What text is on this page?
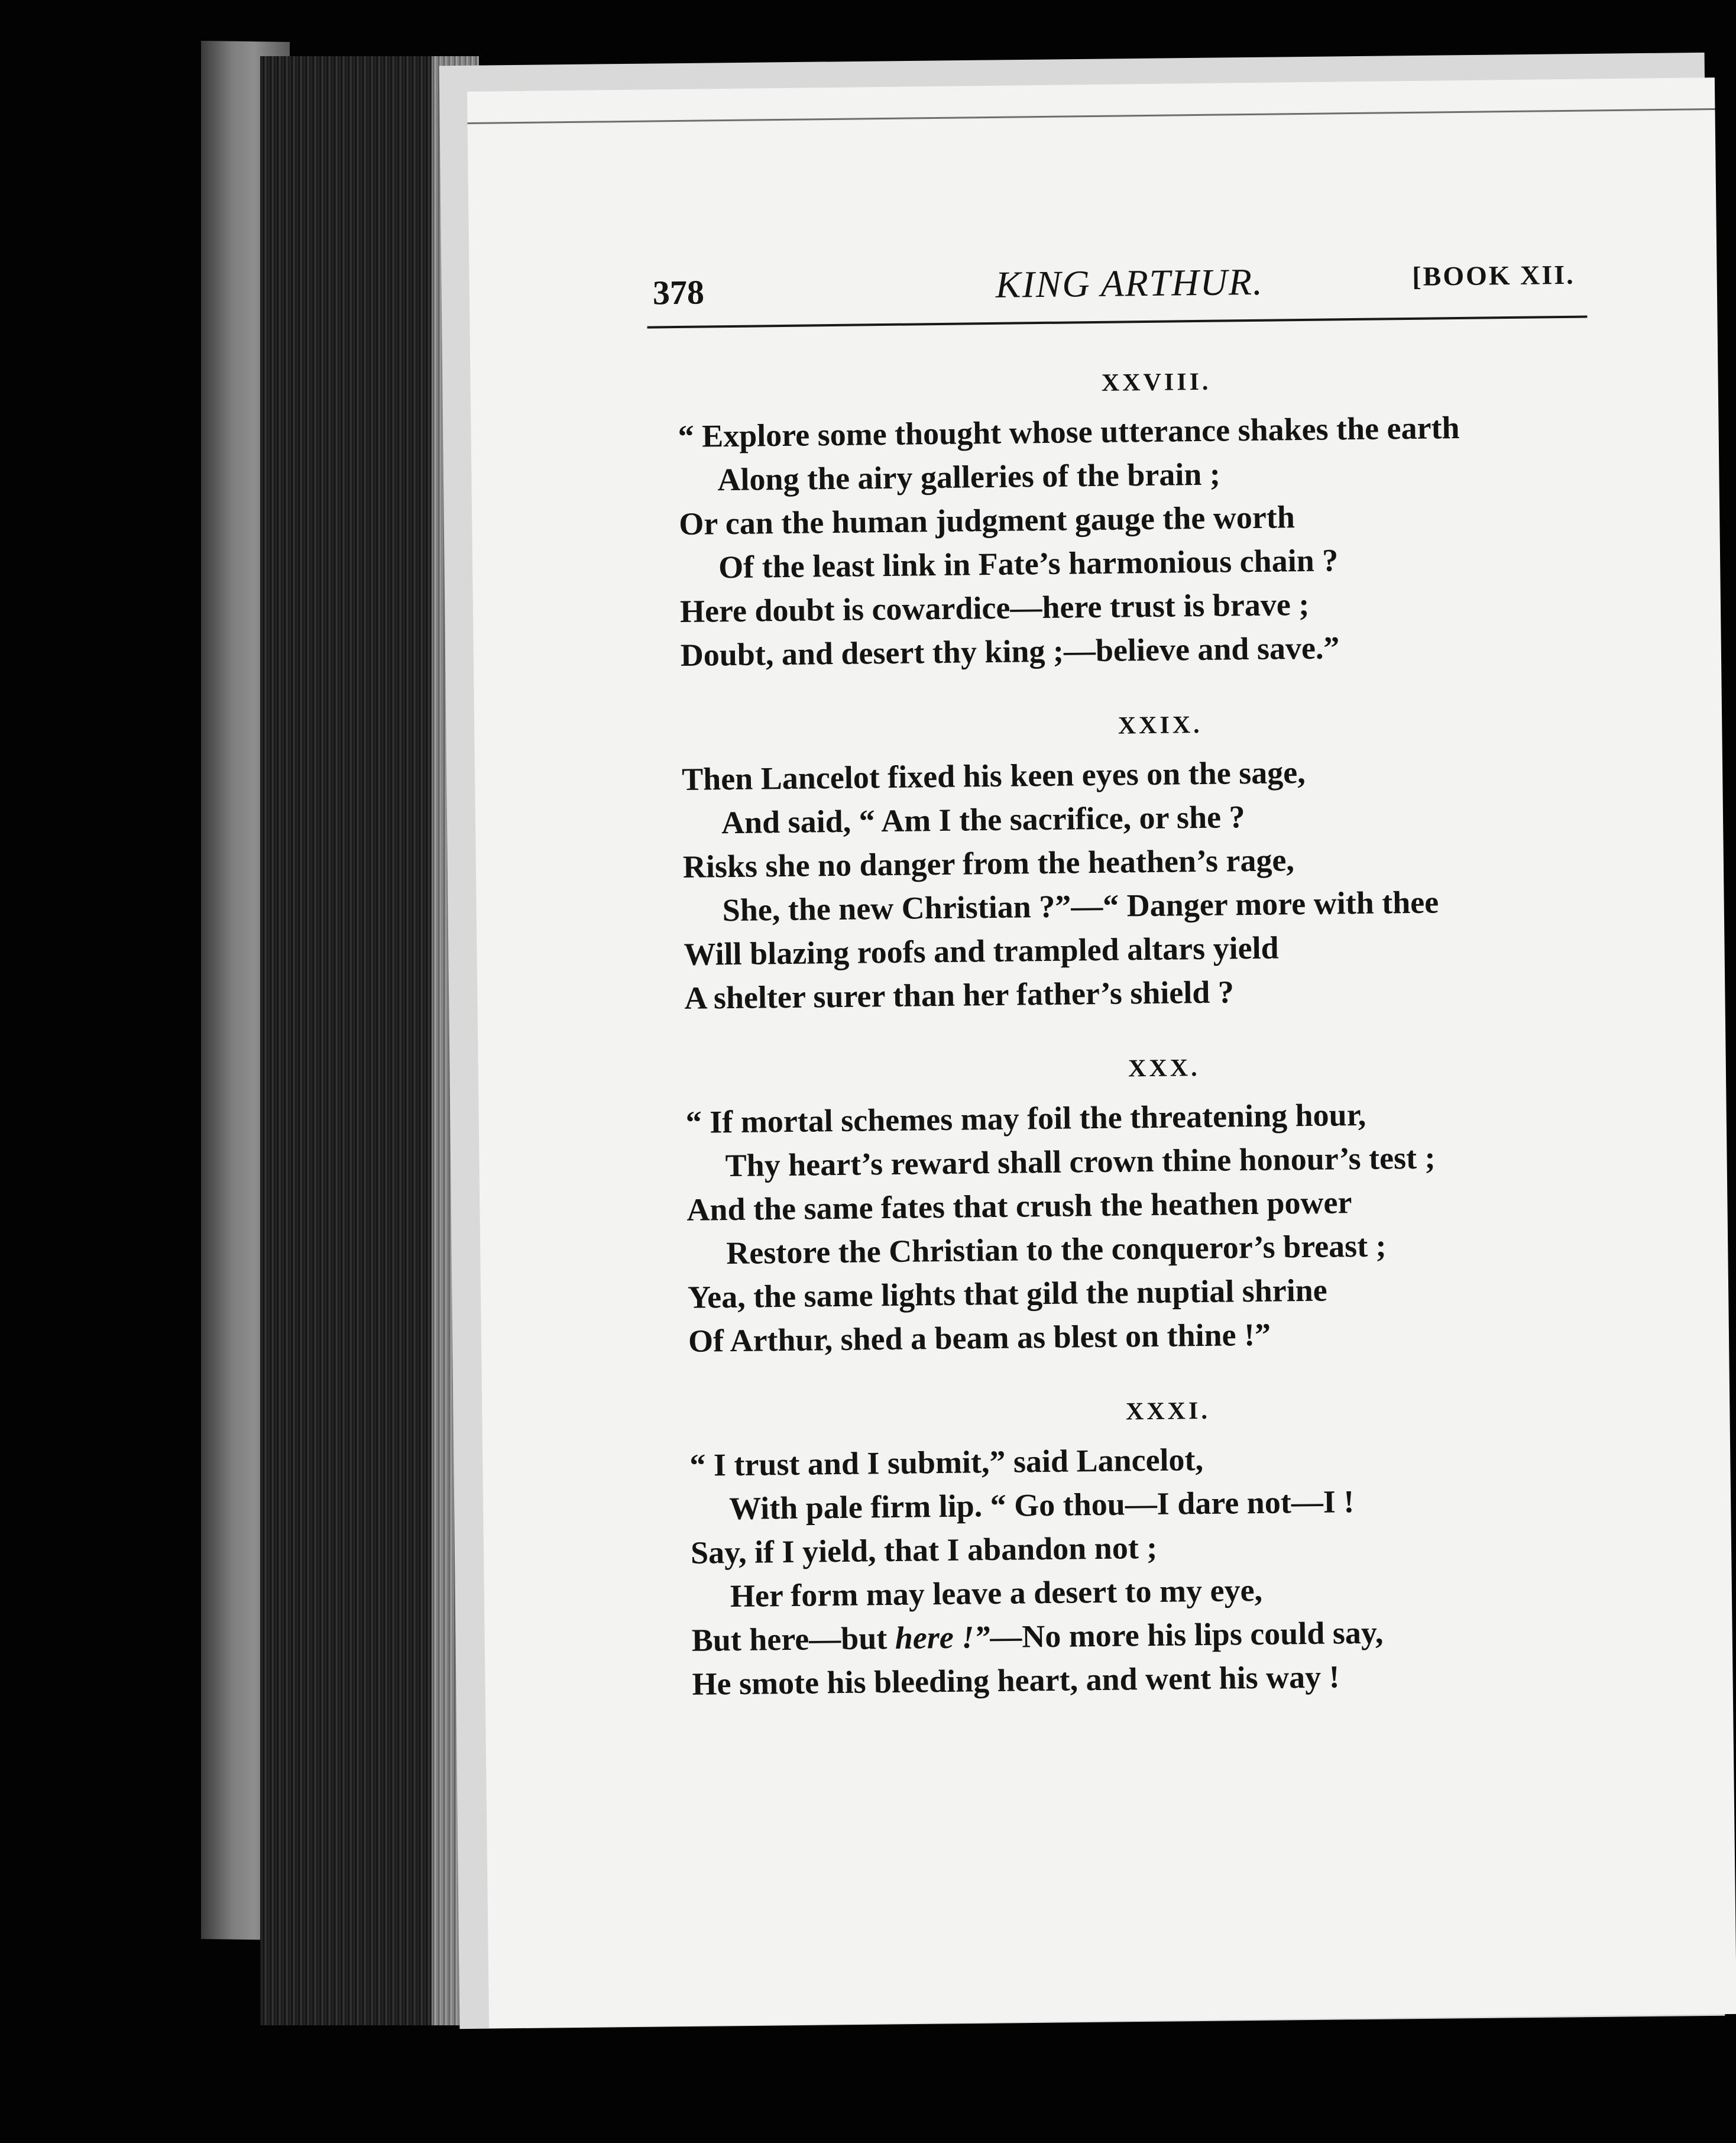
378	KING ARTHUR.	[BOOK XII.
XXVIII.
“ Explore some thought whose utterance shakes the earth
Along the airy galleries of the brain ;
Or can the human judgment gauge the worth
Of the least link in Fate’s harmonious chain ?
Here doubt is cowardice—here trust is brave ;
Doubt, and desert thy king ;—believe and save.”
XXIX.
Then Lancelot fixed his keen eyes on the sage,
And said, “ Am I the sacrifice, or she ?
Risks she no danger from the heathen’s rage,
She, the new Christian ?”—“ Danger more with thee
Will blazing roofs and trampled altars yield
A shelter surer than her father’s shield ?
XXX.
“ If mortal schemes may foil the threatening hour,
Thy heart’s reward shall crown thine honour’s test ;
And the same fates that crush the heathen power
Restore the Christian to the conqueror’s breast ;
Yea, the same lights that gild the nuptial shrine
Of Arthur, shed a beam as blest on thine !”
XXXI.
“ I trust and I submit,” said Lancelot,
With pale firm lip. “ Go thou—I dare not—I !
Say, if I yield, that I abandon not ;
Her form may leave a desert to my eye,
But here—but here !”—No more his lips could say,
He smote his bleeding heart, and went his way !
